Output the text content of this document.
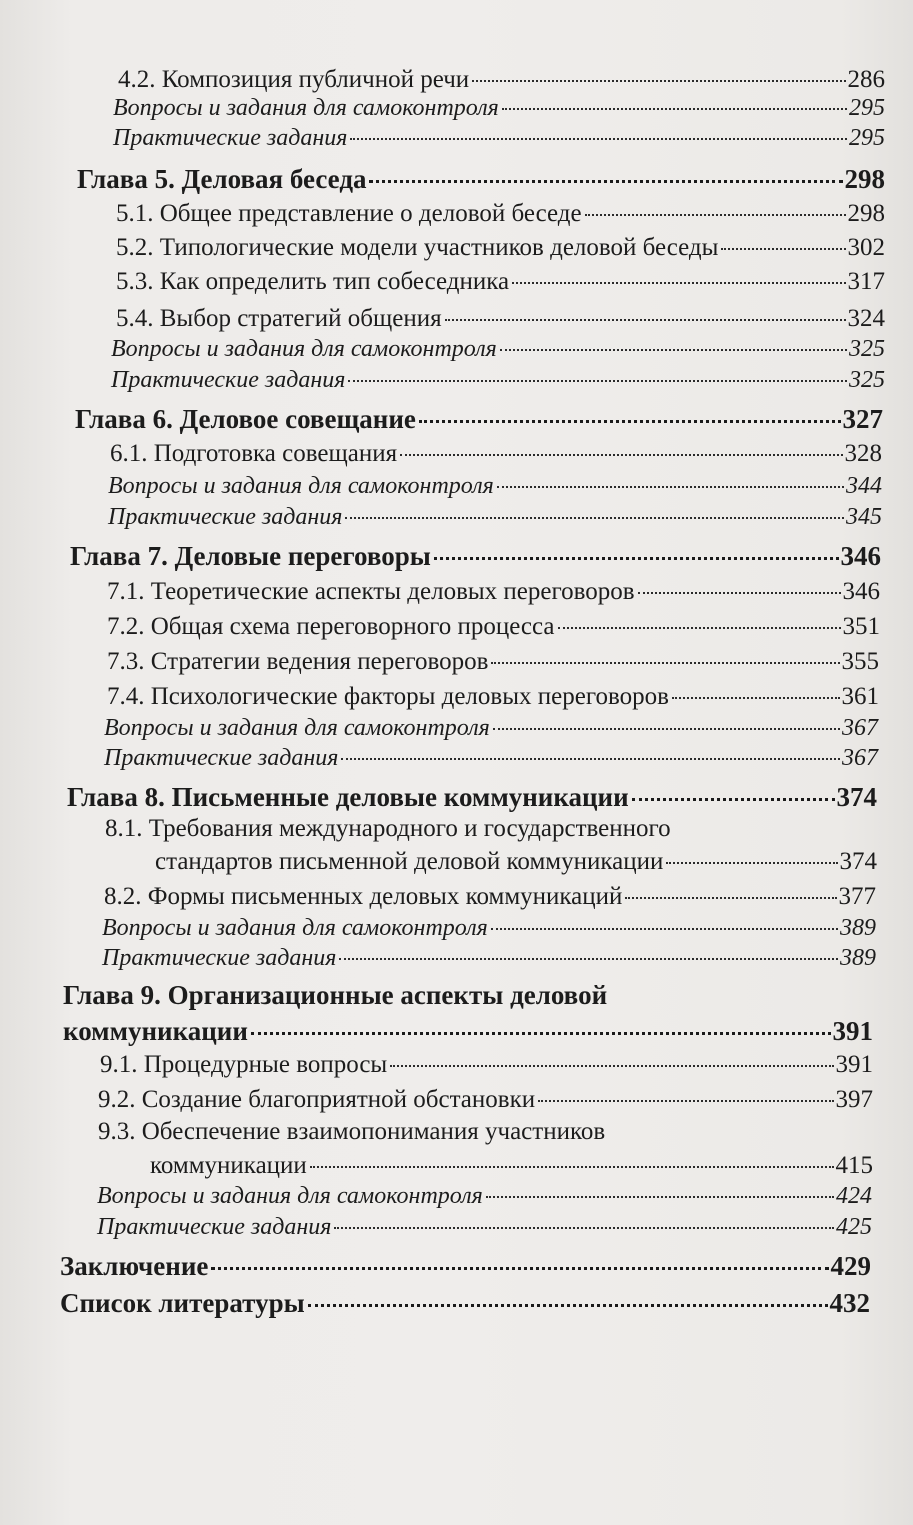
4.2. Композиция публичной речи	286
Вопросы и задания для самоконтроля	295
Практические задания	295
Глава 5. Деловая беседа	298
5.1. Общее представление о деловой беседе	298
5.2. Типологические модели участников деловой беседы	302
5.3. Как определить тип собеседника	317
5.4. Выбор стратегий общения	324
Вопросы и задания для самоконтроля	325
Практические задания	325
Глава 6. Деловое совещание	327
6.1. Подготовка совещания	328
Вопросы и задания для самоконтроля	344
Практические задания	345
Глава 7. Деловые переговоры	346
7.1. Теоретические аспекты деловых переговоров	346
7.2. Общая схема переговорного процесса	351
7.3. Стратегии ведения переговоров	355
7.4. Психологические факторы деловых переговоров	361
Вопросы и задания для самоконтроля	367
Практические задания	367
Глава 8. Письменные деловые коммуникации	374
8.1. Требования международного и государственного
стандартов письменной деловой коммуникации	374
8.2. Формы письменных деловых коммуникаций	377
Вопросы и задания для самоконтроля	389
Практические задания	389
Глава 9. Организационные аспекты деловой
коммуникации	391
9.1. Процедурные вопросы	391
9.2. Создание благоприятной обстановки	397
9.3. Обеспечение взаимопонимания участников
коммуникации	415
Вопросы и задания для самоконтроля	424
Практические задания	425
Заключение	429
Список литературы	432
